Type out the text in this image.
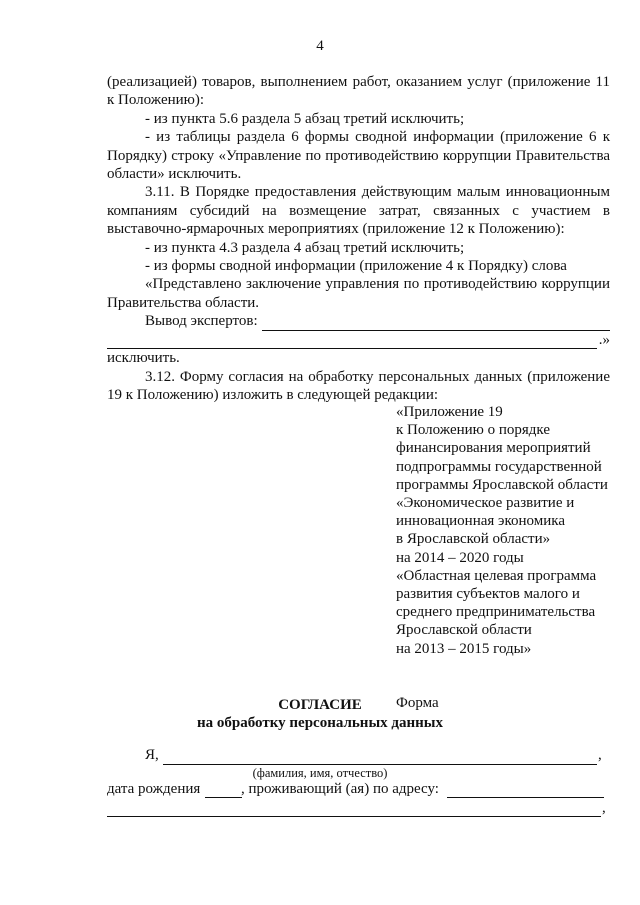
4

(реализацией) товаров, выполнением работ, оказанием услуг (приложение 11 к Положению):

- из пункта 5.6 раздела 5 абзац третий исключить;

- из таблицы раздела 6 формы сводной информации (приложение 6 к Порядку) строку «Управление по противодействию коррупции Правительства области» исключить.

3.11. В Порядке предоставления действующим малым инновационным компаниям субсидий на возмещение затрат, связанных с участием в выставочно-ярмарочных мероприятиях (приложение 12 к Положению):

- из пункта 4.3 раздела 4 абзац третий исключить;

- из формы сводной информации (приложение 4 к Порядку) слова

«Представлено заключение управления по противодействию коррупции Правительства области.

Вывод экспертов:
.»

исключить.

3.12. Форму согласия на обработку персональных данных (приложение 19 к Положению) изложить в следующей редакции:

«Приложение 19
к Положению о порядке
финансирования мероприятий
подпрограммы государственной
программы Ярославской области
«Экономическое развитие и
инновационная экономика
в Ярославской области»
на 2014 – 2020 годы
«Областная целевая программа
развития субъектов малого и
среднего предпринимательства
Ярославской области
на 2013 – 2015 годы»
Форма
СОГЛАСИЕ
на обработку персональных данных
Я,	,
(фамилия, имя, отчество)
дата рождения	, проживающий (ая) по адресу:
,
